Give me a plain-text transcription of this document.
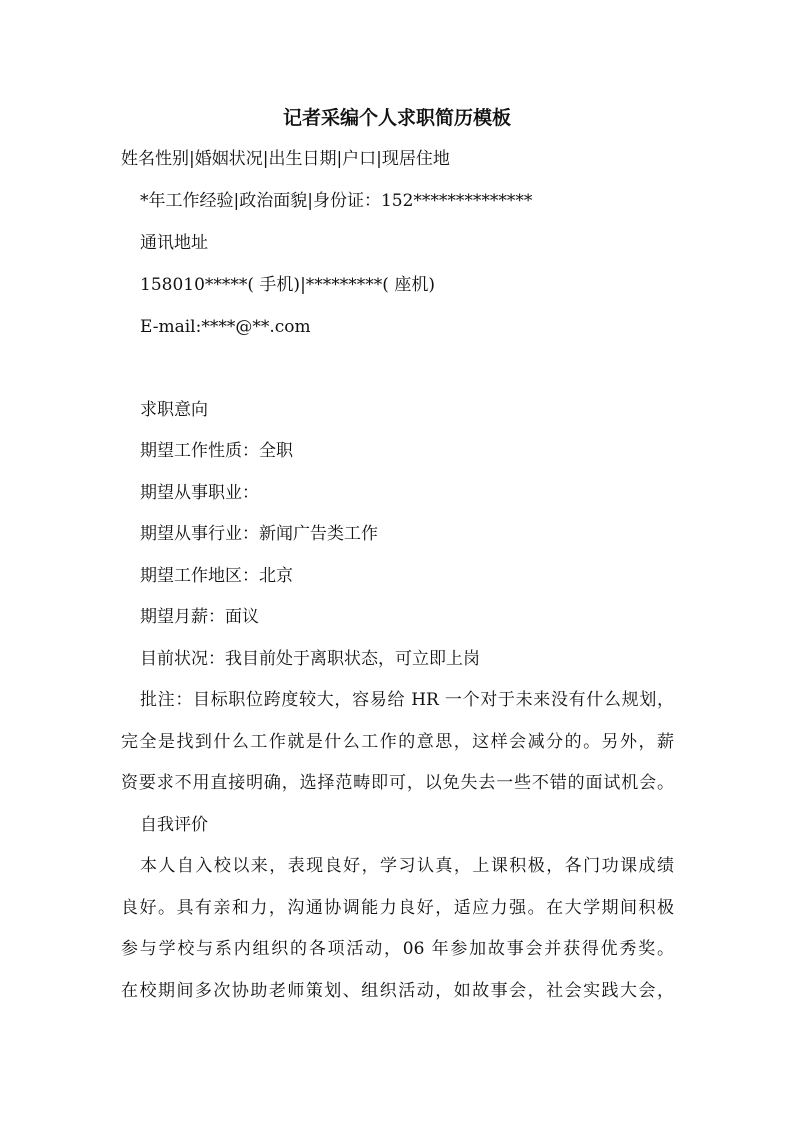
记者采编个人求职简历模板

姓名性别|婚姻状况|出生日期|户口|现居住地

*年工作经验|政治面貌|身份证：152**************

通讯地址

158010*****( 手机)|*********( 座机)

E-mail:****@**.com

求职意向

期望工作性质：全职

期望从事职业：

期望从事行业：新闻广告类工作

期望工作地区：北京

期望月薪：面议

目前状况：我目前处于离职状态，可立即上岗

批注：目标职位跨度较大，容易给 HR 一个对于未来没有什么规划，

完全是找到什么工作就是什么工作的意思，这样会减分的。另外，薪

资要求不用直接明确，选择范畴即可，以免失去一些不错的面试机会。

自我评价

本人自入校以来，表现良好，学习认真，上课积极，各门功课成绩

良好。具有亲和力，沟通协调能力良好，适应力强。在大学期间积极

参与学校与系内组织的各项活动，06 年参加故事会并获得优秀奖。

在校期间多次协助老师策划、组织活动，如故事会，社会实践大会，
